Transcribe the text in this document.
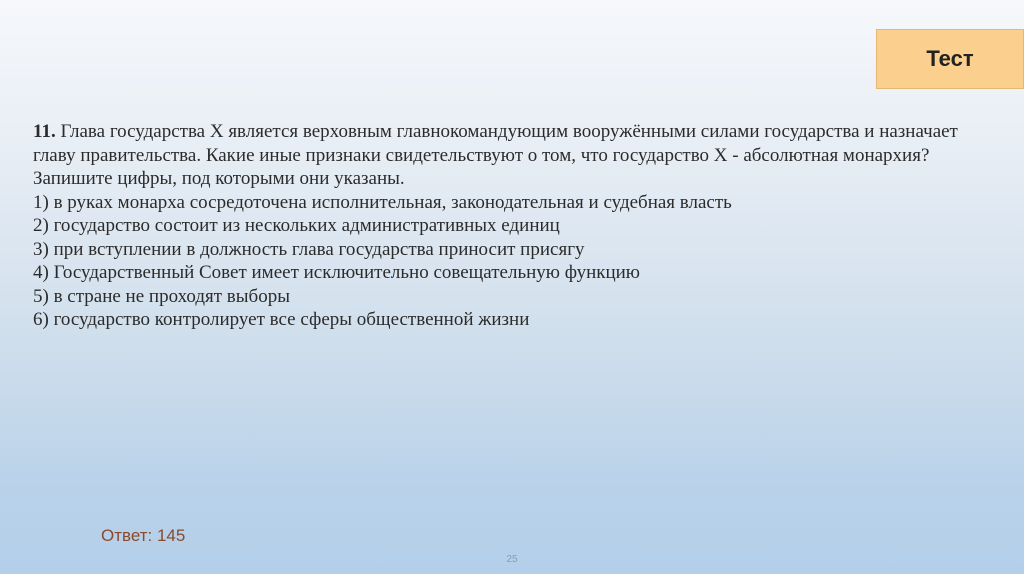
Тест

11. Глава государства Х является верховным главнокомандующим вооружёнными силами государства и назначает главу правительства. Какие иные признаки свидетельствуют о том, что государство Х - абсолютная монархия? Запишите цифры, под которыми они указаны.

1) в руках монарха сосредоточена исполнительная, законодательная и судебная власть

2) государство состоит из нескольких административных единиц

3) при вступлении в должность глава государства приносит присягу

4) Государственный Совет имеет исключительно совещательную функцию

5) в стране не проходят выборы

6) государство контролирует все сферы общественной жизни

Ответ: 145
25
